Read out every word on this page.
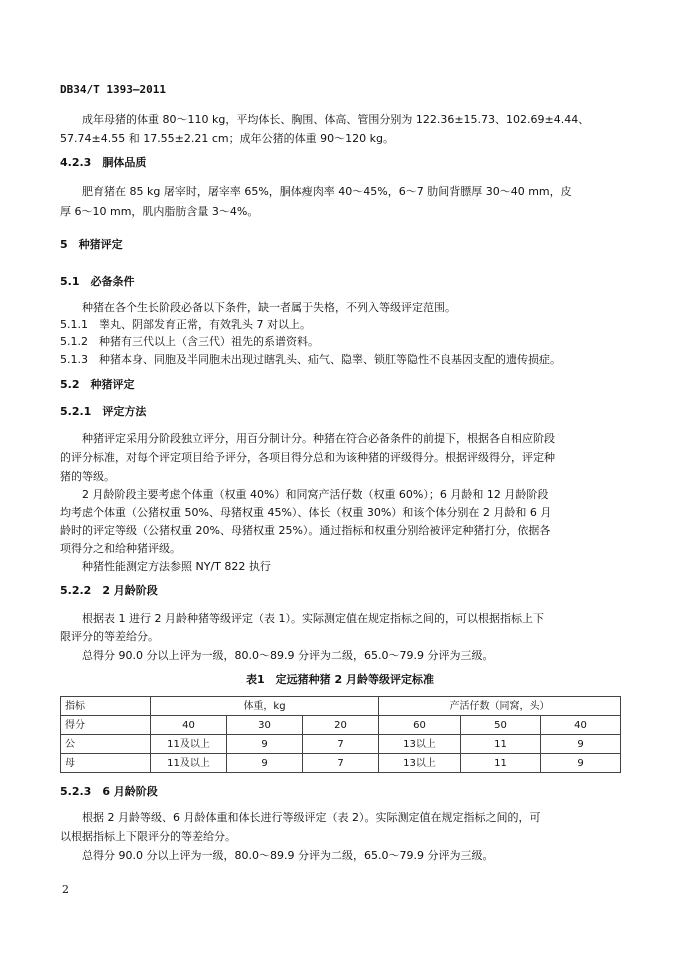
DB34/T 1393—2011
成年母猪的体重 80～110 kg，平均体长、胸围、体高、管围分别为 122.36±15.73、102.69±4.44、
57.74±4.55 和 17.55±2.21 cm；成年公猪的体重 90～120 kg。
4.2.3　胴体品质
肥育猪在 85 kg 屠宰时，屠宰率 65%，胴体瘦肉率 40～45%，6～7 肋间背膘厚 30～40 mm，皮
厚 6～10 mm，肌内脂肪含量 3～4%。
5　种猪评定
5.1　必备条件
种猪在各个生长阶段必备以下条件，缺一者属于失格，不列入等级评定范围。
5.1.1　睾丸、阴部发育正常，有效乳头 7 对以上。
5.1.2　种猪有三代以上（含三代）祖先的系谱资料。
5.1.3　种猪本身、同胞及半同胞未出现过瞎乳头、疝气、隐睾、锁肛等隐性不良基因支配的遗传损症。
5.2　种猪评定
5.2.1　评定方法
种猪评定采用分阶段独立评分，用百分制计分。种猪在符合必备条件的前提下，根据各自相应阶段
的评分标准，对每个评定项目给予评分，各项目得分总和为该种猪的评级得分。根据评级得分，评定种
猪的等级。
2 月龄阶段主要考虑个体重（权重 40%）和同窝产活仔数（权重 60%）；6 月龄和 12 月龄阶段
均考虑个体重（公猪权重 50%、母猪权重 45%）、体长（权重 30%）和该个体分别在 2 月龄和 6 月
龄时的评定等级（公猪权重 20%、母猪权重 25%）。通过指标和权重分别给被评定种猪打分，依据各
项得分之和给种猪评级。
种猪性能测定方法参照 NY/T 822 执行
5.2.2　2 月龄阶段
根据表 1 进行 2 月龄种猪等级评定（表 1）。实际测定值在规定指标之间的，可以根据指标上下
限评分的等差给分。
总得分 90.0 分以上评为一级，80.0～89.9 分评为二级，65.0～79.9 分评为三级。
表1　定远猪种猪 2 月龄等级评定标准
指标	体重，kg			产活仔数（同窝，头）		
得分	40	30	20	60	50	40
公	11及以上	9	7	13以上	11	9
母	11及以上	9	7	13以上	11	9
5.2.3　6 月龄阶段
根据 2 月龄等级、6 月龄体重和体长进行等级评定（表 2）。实际测定值在规定指标之间的，可
以根据指标上下限评分的等差给分。
总得分 90.0 分以上评为一级，80.0～89.9 分评为二级，65.0～79.9 分评为三级。
2
